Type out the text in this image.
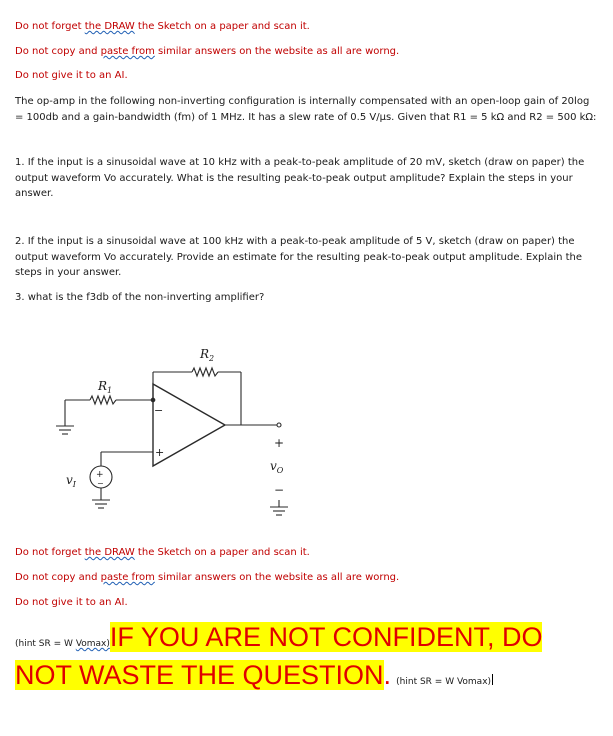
Do not forget the DRAW the Sketch on a paper and scan it.
Do not copy and paste from similar answers on the website as all are worng.
Do not give it to an AI.
The op-amp in the following non-inverting configuration is internally compensated with an open-loop gain of 20log = 100db and a gain-bandwidth (fm) of 1 MHz. It has a slew rate of 0.5 V/µs. Given that R1 = 5 kΩ and R2 = 500 kΩ:
1. If the input is a sinusoidal wave at 10 kHz with a peak-to-peak amplitude of 20 mV, sketch (draw on paper) the output waveform Vo accurately. What is the resulting peak-to-peak output amplitude? Explain the steps in your answer.
2. If the input is a sinusoidal wave at 100 kHz with a peak-to-peak amplitude of 5 V, sketch (draw on paper) the output waveform Vo accurately. Provide an estimate for the resulting peak-to-peak output amplitude. Explain the steps in your answer.
3. what is the f3db of the non-inverting amplifier?
$R_2$
$R_1$
−
+
+
−
$v_I$
+
$v_O$
−
Do not forget the DRAW the Sketch on a paper and scan it.
Do not copy and paste from similar answers on the website as all are worng.
Do not give it to an AI.
(hint SR = W Vomax)IF YOU ARE NOT CONFIDENT, DO
NOT WASTE THE QUESTION. (hint SR = W Vomax)
